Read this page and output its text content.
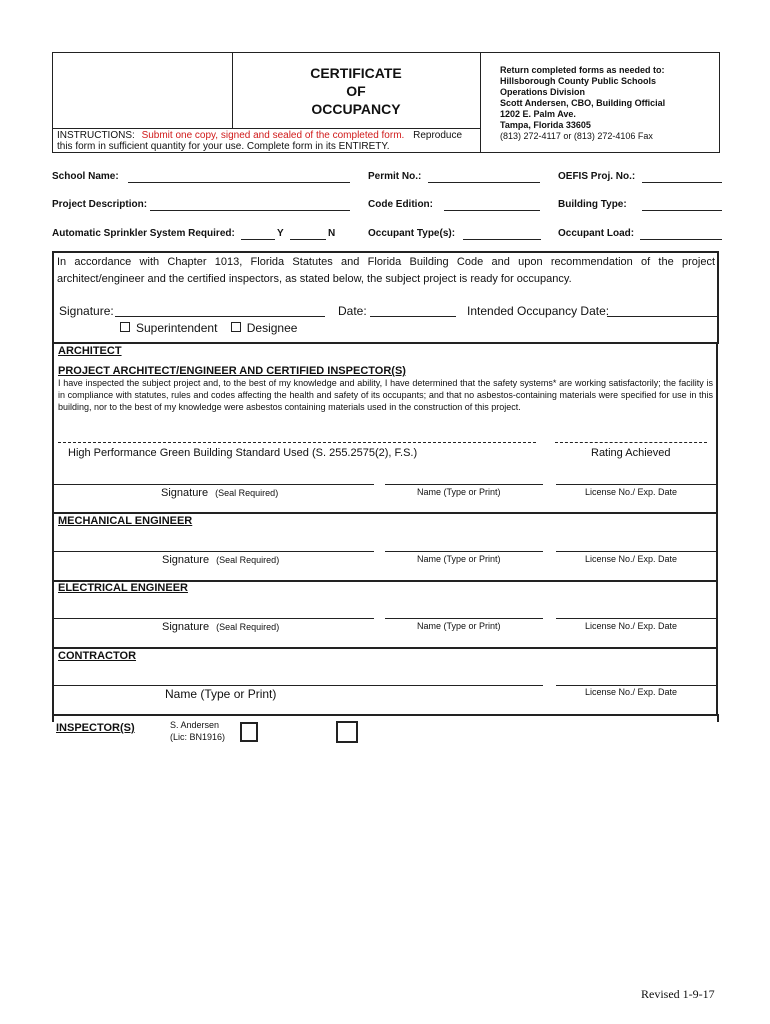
CERTIFICATE
OF
OCCUPANCY
INSTRUCTIONS: Submit one copy, signed and sealed of the completed form. Reproduce
this form in sufficient quantity for your use. Complete form in its ENTIRETY.
Return completed forms as needed to:
Hillsborough County Public Schools
Operations Division
Scott Andersen, CBO, Building Official
1202 E. Palm Ave.
Tampa, Florida 33605
(813) 272-4117 or (813) 272-4106 Fax
School Name:	Permit No.:	OEFIS Proj. No.:
Project Description:	Code Edition:	Building Type:
Automatic Sprinkler System Required:	Y	N	Occupant Type(s):	Occupant Load:

In accordance with Chapter 1013, Florida Statutes and Florida Building Code and upon recommendation of the project architect/engineer and the certified inspectors, as stated below, the subject project is ready for occupancy.

Signature:	Date:	Intended Occupancy Date:
Superintendent Designee
ARCHITECT
PROJECT ARCHITECT/ENGINEER AND CERTIFIED INSPECTOR(S)

I have inspected the subject project and, to the best of my knowledge and ability, I have determined that the safety systems* are working satisfactorily; the facility is in compliance with statutes, rules and codes affecting the health and safety of its occupants; and that no asbestos-containing materials were specified for use in this building, nor to the best of my knowledge were asbestos containing materials used in the construction of this project.

High Performance Green Building Standard Used (S. 255.2575(2), F.S.)	Rating Achieved
Signature (Seal Required)	Name (Type or Print)	License No./ Exp. Date
MECHANICAL ENGINEER
Signature (Seal Required)	Name (Type or Print)	License No./ Exp. Date
ELECTRICAL ENGINEER
Signature (Seal Required)	Name (Type or Print)	License No./ Exp. Date
CONTRACTOR
Name (Type or Print)	License No./ Exp. Date
INSPECTOR(S)	S. Andersen
(Lic: BN1916)
Revised 1-9-17
